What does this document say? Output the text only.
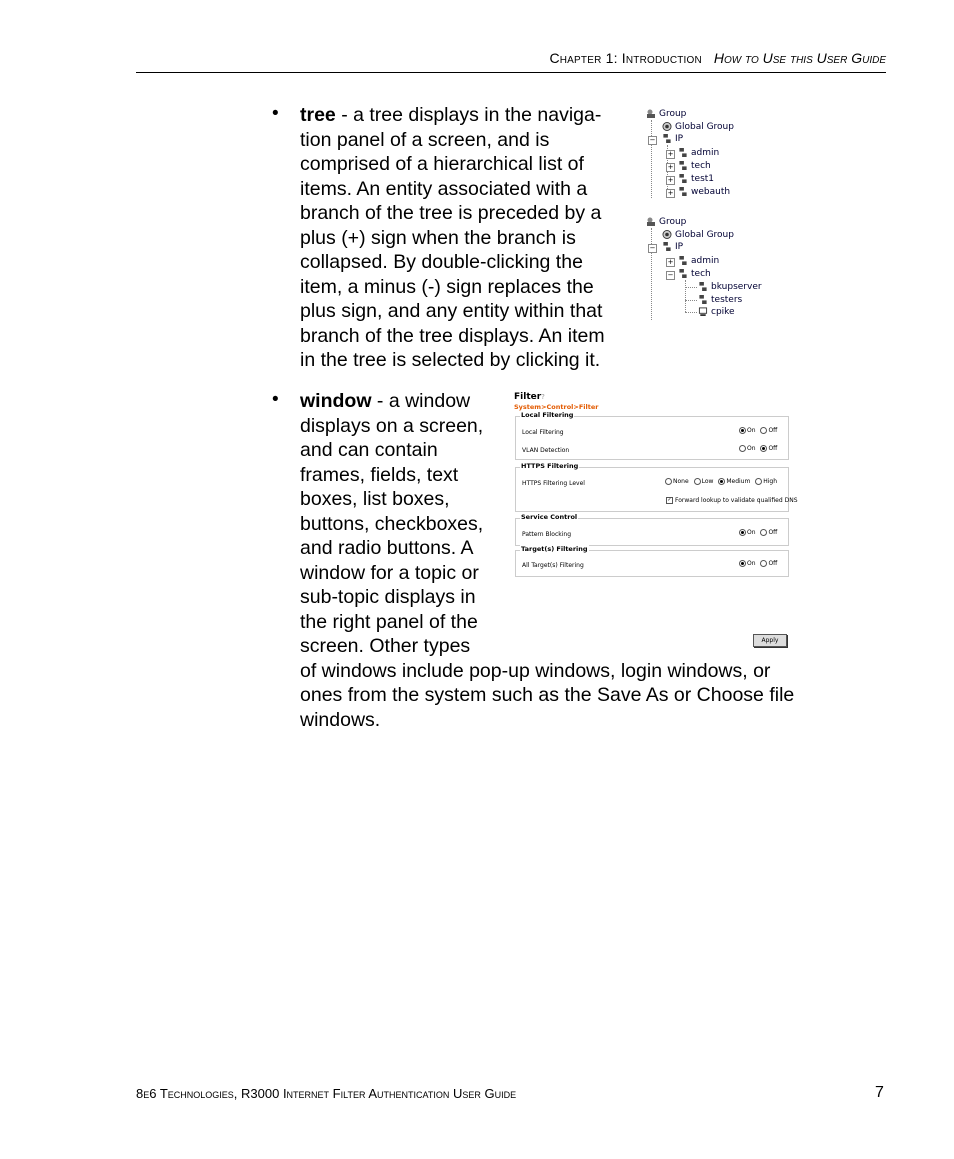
Chapter 1: Introduction How to Use this User Guide
• tree - a tree displays in the naviga-
tion panel of a screen, and is
comprised of a hierarchical list of
items. An entity associated with a
branch of the tree is preceded by a
plus (+) sign when the branch is
collapsed. By double-clicking the
item, a minus (-) sign replaces the
plus sign, and any entity within that
branch of the tree displays. An item
in the tree is selected by clicking it.
Group
Global Group
−	IP
+	admin
+	tech
+	test1
+	webauth
Group
Global Group
−	IP
+	admin
−	tech
bkupserver
testers
cpike
• window - a window
displays on a screen,
and can contain
frames, fields, text
boxes, list boxes,
buttons, checkboxes,
and radio buttons. A
window for a topic or
sub-topic displays in
the right panel of the
screen. Other types
of windows include pop-up windows, login windows, or
ones from the system such as the Save As or Choose file
windows.
Filter?
System>Control>Filter
Local Filtering
Local Filtering	On Off
VLAN Detection	On Off
HTTPS Filtering
HTTPS Filtering Level	None Low Medium High
✓ Forward lookup to validate qualified DNS
Service Control
Pattern Blocking	On Off
Target(s) Filtering
All Target(s) Filtering	On Off
Apply
8e6 Technologies, R3000 Internet Filter Authentication User Guide	7
